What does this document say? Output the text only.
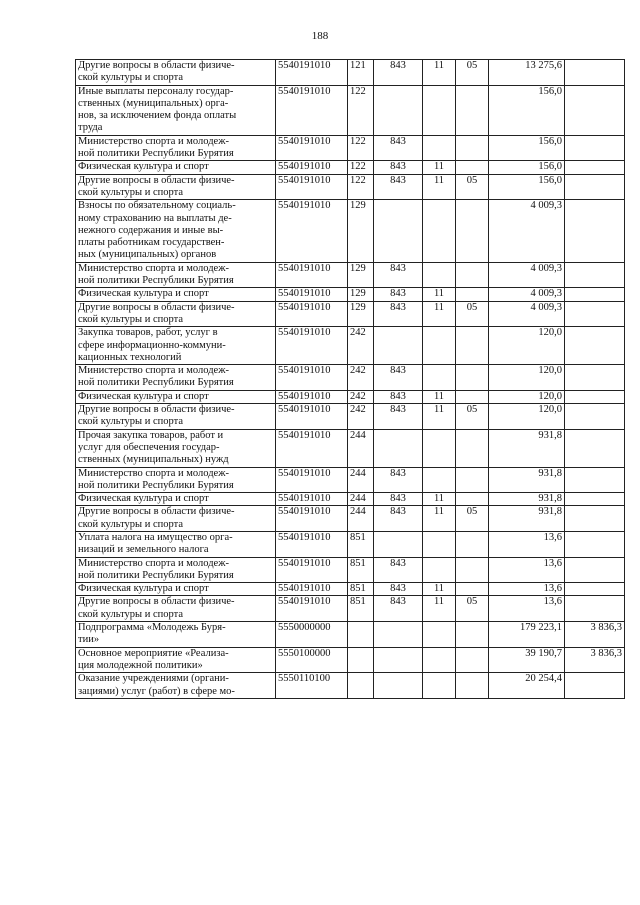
188
Другие вопросы в области физиче-
ской культуры и спорта	5540191010	121	843	11	05	13 275,6	
Иные выплаты персоналу государ-
ственных (муниципальных) орга-
нов, за исключением фонда оплаты
труда	5540191010	122				156,0	
Министерство спорта и молодеж-
ной политики Республики Бурятия	5540191010	122	843			156,0	
Физическая культура и спорт	5540191010	122	843	11		156,0	
Другие вопросы в области физиче-
ской культуры и спорта	5540191010	122	843	11	05	156,0	
Взносы по обязательному социаль-
ному страхованию на выплаты де-
нежного содержания и иные вы-
платы работникам государствен-
ных (муниципальных) органов	5540191010	129				4 009,3	
Министерство спорта и молодеж-
ной политики Республики Бурятия	5540191010	129	843			4 009,3	
Физическая культура и спорт	5540191010	129	843	11		4 009,3	
Другие вопросы в области физиче-
ской культуры и спорта	5540191010	129	843	11	05	4 009,3	
Закупка товаров, работ, услуг в
сфере информационно-коммуни-
кационных технологий	5540191010	242				120,0	
Министерство спорта и молодеж-
ной политики Республики Бурятия	5540191010	242	843			120,0	
Физическая культура и спорт	5540191010	242	843	11		120,0	
Другие вопросы в области физиче-
ской культуры и спорта	5540191010	242	843	11	05	120,0	
Прочая закупка товаров, работ и
услуг для обеспечения государ-
ственных (муниципальных) нужд	5540191010	244				931,8	
Министерство спорта и молодеж-
ной политики Республики Бурятия	5540191010	244	843			931,8	
Физическая культура и спорт	5540191010	244	843	11		931,8	
Другие вопросы в области физиче-
ской культуры и спорта	5540191010	244	843	11	05	931,8	
Уплата налога на имущество орга-
низаций и земельного налога	5540191010	851				13,6	
Министерство спорта и молодеж-
ной политики Республики Бурятия	5540191010	851	843			13,6	
Физическая культура и спорт	5540191010	851	843	11		13,6	
Другие вопросы в области физиче-
ской культуры и спорта	5540191010	851	843	11	05	13,6	
Подпрограмма «Молодежь Буря-
тии»	5550000000					179 223,1	3 836,3
Основное мероприятие «Реализа-
ция молодежной политики»	5550100000					39 190,7	3 836,3
Оказание учреждениями (органи-
зациями) услуг (работ) в сфере мо-	5550110100					20 254,4	
